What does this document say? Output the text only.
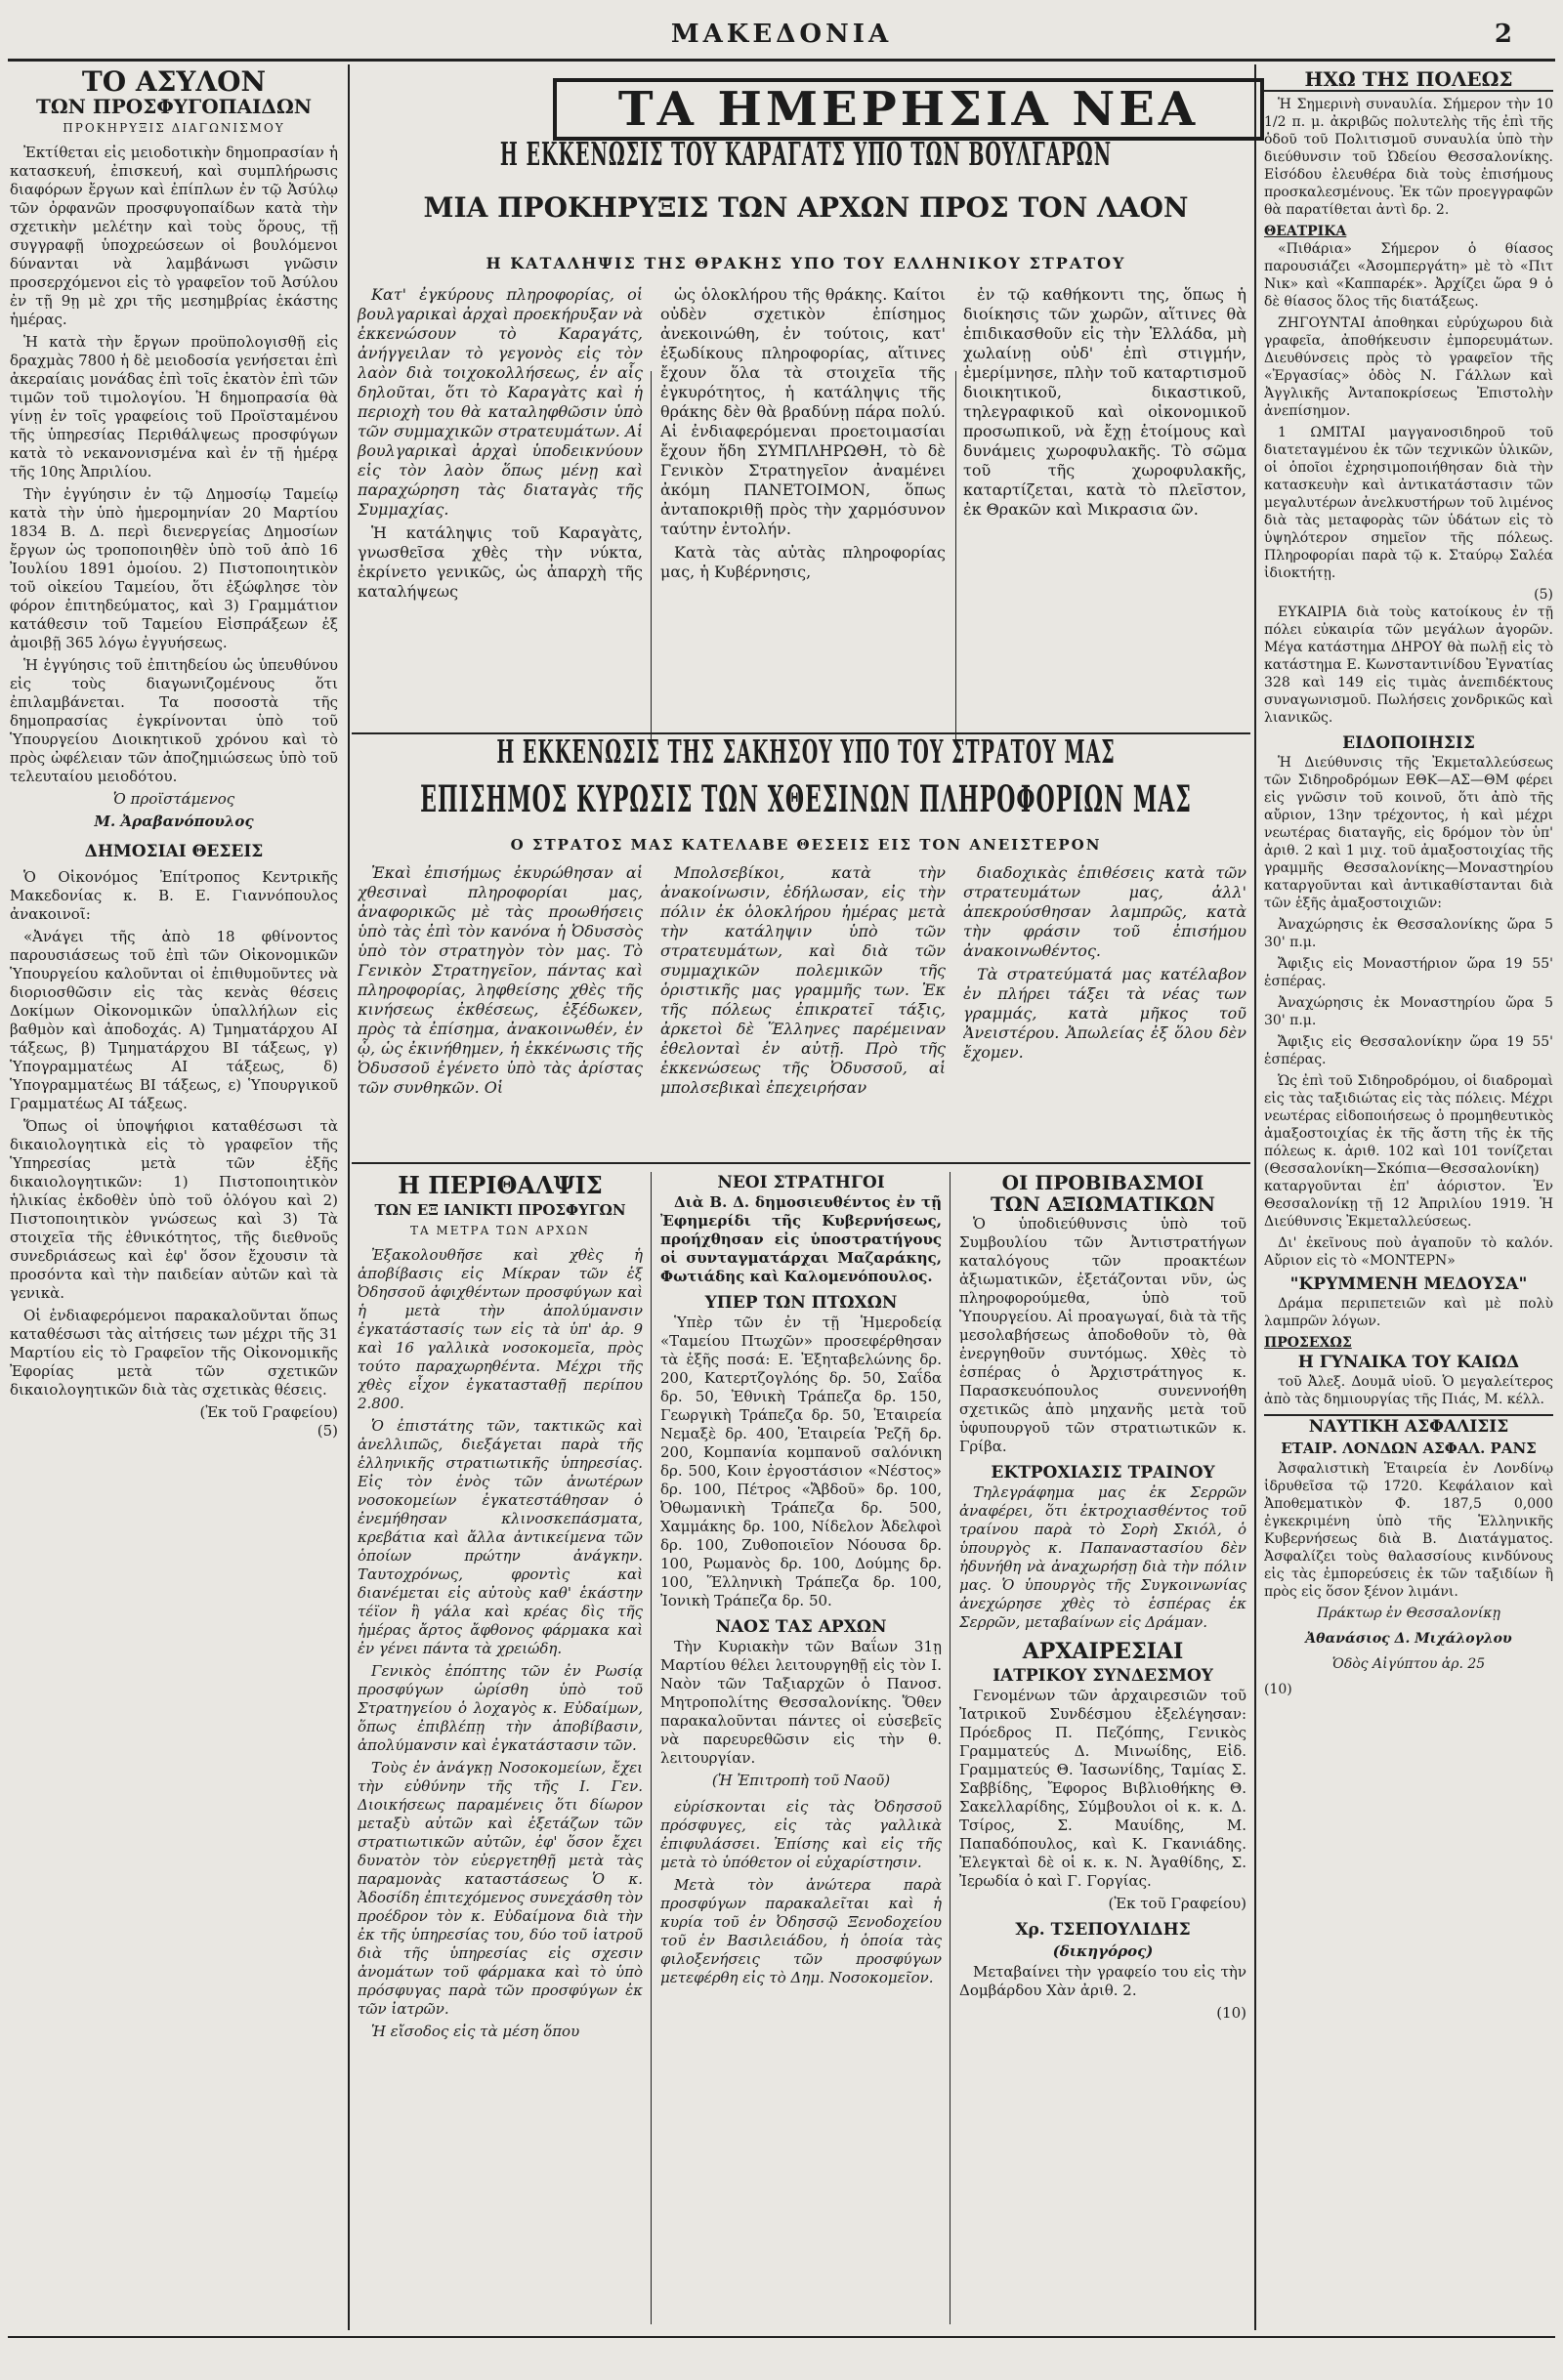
ΜΑΚΕΔΟΝΙΑ	2
ΤΟ ΑΣΥΛΟΝ
ΤΩΝ ΠΡΟΣΦΥΓΟΠΑΙΔΩΝ
ΠΡΟΚΗΡΥΞΙΣ ΔΙΑΓΩΝΙΣΜΟΥ

Ἐκτίθεται εἰς μειοδοτικὴν δημοπρασίαν ἡ κατασκευή, ἐπισκευή, καὶ συμπλήρωσις διαφόρων ἔργων καὶ ἐπίπλων ἐν τῷ Ἀσύλῳ τῶν ὀρφανῶν προσφυγοπαίδων κατὰ τὴν σχετικὴν μελέτην καὶ τοὺς ὅρους, τῇ συγγραφῇ ὑποχρεώσεων οἱ βουλόμενοι δύνανται νὰ λαμβάνωσι γνῶσιν προσερχόμενοι εἰς τὸ γραφεῖον τοῦ Ἀσύλου ἐν τῇ 9ῃ μὲ χρι τῆς μεσημβρίας ἑκάστης ἡμέρας.

Ἡ κατὰ τὴν ἔργων προϋπολογισθῇ εἰς δραχμὰς 7800 ἡ δὲ μειοδοσία γενήσεται ἐπὶ ἀκεραίαις μονάδας ἐπὶ τοῖς ἑκατὸν ἐπὶ τῶν τιμῶν τοῦ τιμολογίου. Ἡ δημοπρασία θὰ γίνῃ ἐν τοῖς γραφείοις τοῦ Προϊσταμένου τῆς ὑπηρεσίας Περιθάλψεως προσφύγων κατὰ τὸ νεκανονισμένα καὶ ἐν τῇ ἡμέρᾳ τῆς 10ης Ἀπριλίου.

Τὴν ἐγγύησιν ἐν τῷ Δημοσίῳ Ταμείῳ κατὰ τὴν ὑπὸ ἡμερομηνίαν 20 Μαρτίου 1834 Β. Δ. περὶ διενεργείας Δημοσίων ἔργων ὡς τροποποιηθὲν ὑπὸ τοῦ ἀπὸ 16 Ἰουλίου 1891 ὁμοίου. 2) Πιστοποιητικὸν τοῦ οἰκείου Ταμείου, ὅτι ἐξώφλησε τὸν φόρον ἐπιτηδεύματος, καὶ 3) Γραμμάτιον κατάθεσιν τοῦ Ταμείου Εἰσπράξεων ἐξ ἀμοιβῇ 365 λόγω ἐγγυήσεως.

Ἡ ἐγγύησις τοῦ ἐπιτηδείου ὡς ὑπευθύνου εἰς τοὺς διαγωνιζομένους ὅτι ἐπιλαμβάνεται. Τα ποσοστὰ τῆς δημοπρασίας ἐγκρίνονται ὑπὸ τοῦ Ὑπουργείου Διοικητικοῦ χρόνου καὶ τὸ πρὸς ὠφέλειαν τῶν ἀποζημιώσεως ὑπὸ τοῦ τελευταίου μειοδότου.

Ὁ προϊστάμενος
Μ. Ἀραβανόπουλος
ΔΗΜΟΣΙΑΙ ΘΕΣΕΙΣ

Ὁ Οἰκονόμος Ἐπίτροπος Κεντρικῆς Μακεδονίας κ. Β. Ε. Γιαννόπουλος ἀνακοινοῖ:

«Ἀνάγει τῆς ἀπὸ 18 φθίνοντος παρουσιάσεως τοῦ ἐπὶ τῶν Οἰκονομικῶν Ὑπουργείου καλοῦνται οἱ ἐπιθυμοῦντες νὰ διοριοσθῶσιν εἰς τὰς κενὰς θέσεις Δοκίμων Οἰκονομικῶν ὑπαλλήλων εἰς βαθμὸν καὶ ἀποδοχάς. Α) Τμηματάρχου ΑΙ τάξεως, β) Τμηματάρχου ΒΙ τάξεως, γ) Ὑπογραμματέως ΑΙ τάξεως, δ) Ὑπογραμματέως ΒΙ τάξεως, ε) Ὑπουργικοῦ Γραμματέως ΑΙ τάξεως.

Ὅπως οἱ ὑποψήφιοι καταθέσωσι τὰ δικαιολογητικὰ εἰς τὸ γραφεῖον τῆς Ὑπηρεσίας μετὰ τῶν ἑξῆς δικαιολογητικῶν: 1) Πιστοποιητικὸν ἡλικίας ἐκδοθὲν ὑπὸ τοῦ ὁλόγου καὶ 2) Πιστοποιητικὸν γνώσεως καὶ 3) Τὰ στοιχεῖα τῆς ἐθνικότητος, τῆς διεθνοῦς συνεδριάσεως καὶ ἐφ' ὅσον ἔχουσιν τὰ προσόντα καὶ τὴν παιδείαν αὐτῶν καὶ τὰ γενικὰ.

Οἱ ἐνδιαφερόμενοι παρακαλοῦνται ὅπως καταθέσωσι τὰς αἰτήσεις των μέχρι τῆς 31 Μαρτίου εἰς τὸ Γραφεῖον τῆς Οἰκονομικῆς Ἐφορίας μετὰ τῶν σχετικῶν δικαιολογητικῶν διὰ τὰς σχετικὰς θέσεις.

(Ἐκ τοῦ Γραφείου)
(5)
ΤΑ ΗΜΕΡΗΣΙΑ ΝΕΑ
Η ΕΚΚΕΝΩΣΙΣ ΤΟΥ ΚΑΡΑΓΑΤΣ ΥΠΟ ΤΩΝ ΒΟΥΛΓΑΡΩΝ
ΜΙΑ ΠΡΟΚΗΡΥΞΙΣ ΤΩΝ ΑΡΧΩΝ ΠΡΟΣ ΤΟΝ ΛΑΟΝ
Η ΚΑΤΑΛΗΨΙΣ ΤΗΣ ΘΡΑΚΗΣ ΥΠΟ ΤΟΥ ΕΛΛΗΝΙΚΟΥ ΣΤΡΑΤΟΥ

Κατ' ἐγκύρους πληροφορίας, οἱ βουλγαρικαὶ ἀρχαὶ προεκήρυξαν νὰ ἐκκενώσουν τὸ Καραγάτς, ἀνήγγειλαν τὸ γεγονὸς εἰς τὸν λαὸν διὰ τοιχοκολλήσεως, ἐν αἷς δηλοῦται, ὅτι τὸ Καραγὰτς καὶ ἡ περιοχὴ του θὰ καταληφθῶσιν ὑπὸ τῶν συμμαχικῶν στρατευμάτων. Αἱ βουλγαρικαὶ ἀρχαὶ ὑποδεικνύουν εἰς τὸν λαὸν ὅπως μένῃ καὶ παραχώρηση τὰς διαταγὰς τῆς Συμμαχίας.

Ἡ κατάληψις τοῦ Καραγὰτς, γνωσθεῖσα χθὲς τὴν νύκτα, ἐκρίνετο γενικῶς, ὡς ἀπαρχὴ τῆς καταλήψεως

ὡς ὁλοκλήρου τῆς θράκης. Καίτοι οὐδὲν σχετικὸν ἐπίσημος ἀνεκοινώθη, ἐν τούτοις, κατ' ἐξωδίκους πληροφορίας, αἵτινες ἔχουν ὅλα τὰ στοιχεῖα τῆς ἐγκυρότητος, ἡ κατάληψις τῆς θράκης δὲν θὰ βραδύνῃ πάρα πολύ. Αἱ ἐνδιαφερόμεναι προετοιμασίαι ἔχουν ἤδη ΣΥΜΠΛΗΡΩΘΗ, τὸ δὲ Γενικὸν Στρατηγεῖον ἀναμένει ἀκόμη ΠΑΝΕΤΟΙΜΟΝ, ὅπως ἀνταποκριθῇ πρὸς τὴν χαρμόσυνον ταύτην ἐντολήν.

Κατὰ τὰς αὐτὰς πληροφορίας μας, ἡ Κυβέρνησις,

ἐν τῷ καθήκοντι της, ὅπως ἡ διοίκησις τῶν χωρῶν, αἵτινες θὰ ἐπιδικασθοῦν εἰς τὴν Ἑλλάδα, μὴ χωλαίνῃ οὐδ' ἐπὶ στιγμήν, ἐμερίμνησε, πλὴν τοῦ καταρτισμοῦ διοικητικοῦ, δικαστικοῦ, τηλεγραφικοῦ καὶ οἰκονομικοῦ προσωπικοῦ, νὰ ἔχῃ ἑτοίμους καὶ δυνάμεις χωροφυλακῆς. Τὸ σῶμα τοῦ τῆς χωροφυλακῆς, καταρτίζεται, κατὰ τὸ πλεῖστον, ἐκ Θρακῶν καὶ Μικρασια ῶν.

Η ΕΚΚΕΝΩΣΙΣ ΤΗΣ ΣΑΚΗΣΟΥ ΥΠΟ ΤΟΥ ΣΤΡΑΤΟΥ ΜΑΣ
ΕΠΙΣΗΜΟΣ ΚΥΡΩΣΙΣ ΤΩΝ ΧΘΕΣΙΝΩΝ ΠΛΗΡΟΦΟΡΙΩΝ ΜΑΣ
Ο ΣΤΡΑΤΟΣ ΜΑΣ ΚΑΤΕΛΑΒΕ ΘΕΣΕΙΣ ΕΙΣ ΤΟΝ ΑΝΕΙΣΤΕΡΟΝ

Ἐκαὶ ἐπισήμως ἐκυρώθησαν αἱ χθεσιναὶ πληροφορίαι μας, ἀναφορικῶς μὲ τὰς προωθήσεις ὑπὸ τὰς ἐπὶ τὸν κανόνα ἡ Ὀδυσσὸς ὑπὸ τὸν στρατηγὸν τὸν μας. Τὸ Γενικὸν Στρατηγεῖον, πάντας καὶ πληροφορίας, ληφθείσης χθὲς τῆς κινήσεως ἐκθέσεως, ἐξέδωκεν, πρὸς τὰ ἐπίσημα, ἀνακοινωθέν, ἐν ᾧ, ὡς ἐκινήθημεν, ἡ ἐκκένωσις τῆς Ὀδυσσοῦ ἐγένετο ὑπὸ τὰς ἀρίστας τῶν συνθηκῶν. Οἱ

Μπολσεβίκοι, κατὰ τὴν ἀνακοίνωσιν, ἐδήλωσαν, εἰς τὴν πόλιν ἐκ ὁλοκλήρου ἡμέρας μετὰ τὴν κατάληψιν ὑπὸ τῶν στρατευμάτων, καὶ διὰ τῶν συμμαχικῶν πολεμικῶν τῆς ὁριστικῆς μας γραμμῆς των. Ἐκ τῆς πόλεως ἐπικρατεῖ τάξις, ἀρκετοὶ δὲ Ἕλληνες παρέμειναν ἐθελονταὶ ἐν αὐτῇ. Πρὸ τῆς ἐκκενώσεως τῆς Ὀδυσσοῦ, αἱ μπολσεβικαὶ ἐπεχειρήσαν

διαδοχικὰς ἐπιθέσεις κατὰ τῶν στρατευμάτων μας, ἀλλ' ἀπεκρούσθησαν λαμπρῶς, κατὰ τὴν φράσιν τοῦ ἐπισήμου ἀνακοινωθέντος.

Τὰ στρατεύματά μας κατέλαβον ἐν πλήρει τάξει τὰ νέας των γραμμάς, κατὰ μῆκος τοῦ Ἀνειστέρου. Ἀπωλείας ἐξ ὅλου δὲν ἔχομεν.

Η ΠΕΡΙΘΑΛΨΙΣ
ΤΩΝ ΕΞ ΙΑΝΙΚΤΙ ΠΡΟΣΦΥΓΩΝ
ΤΑ ΜΕΤΡΑ ΤΩΝ ΑΡΧΩΝ

Ἐξακολουθῆσε καὶ χθὲς ἡ ἀποβίβασις εἰς Μίκραν τῶν ἐξ Ὀδησσοῦ ἀφιχθέντων προσφύγων καὶ ἡ μετὰ τὴν ἀπολύμανσιν ἐγκατάστασίς των εἰς τὰ ὑπ' ἀρ. 9 καὶ 16 γαλλικὰ νοσοκομεῖα, πρὸς τούτο παραχωρηθέντα. Μέχρι τῆς χθὲς εἶχον ἐγκατασταθῇ περίπου 2.800.

Ὁ ἐπιστάτης τῶν, τακτικῶς καὶ ἀνελλιπῶς, διεξάγεται παρὰ τῆς ἑλληνικῆς στρατιωτικῆς ὑπηρεσίας. Εἰς τὸν ἑνὸς τῶν ἀνωτέρων νοσοκομείων ἐγκατεστάθησαν ὁ ἐνεμήθησαν κλινοσκεπάσματα, κρεβάτια καὶ ἄλλα ἀντικείμενα τῶν ὁποίων πρώτην ἀνάγκην. Ταυτοχρόνως, φροντὶς καὶ διανέμεται εἰς αὐτοὺς καθ' ἑκάστην τέϊον ἢ γάλα καὶ κρέας δὶς τῆς ἡμέρας ἄρτος ἄφθονος φάρμακα καὶ ἐν γένει πάντα τὰ χρειώδη.

Γενικὸς ἐπόπτης τῶν ἐν Ρωσίᾳ προσφύγων ὡρίσθη ὑπὸ τοῦ Στρατηγείου ὁ λοχαγὸς κ. Εὐδαίμων, ὅπως ἐπιβλέπῃ τὴν ἀποβίβασιν, ἀπολύμανσιν καὶ ἐγκατάστασιν τῶν.

Τοὺς ἐν ἀνάγκῃ Νοσοκομείων, ἔχει τὴν εὐθύνην τῆς τῆς Ι. Γεν. Διοικήσεως παραμένεις ὅτι δίωρον μεταξὺ αὐτῶν καὶ ἐξετάζων τῶν στρατιωτικῶν αὐτῶν, ἐφ' ὅσον ἔχει δυνατὸν τὸν εὐεργετηθῇ μετὰ τὰς παραμονὰς καταστάσεως Ὁ κ. Ἀδοσίδη ἐπιτεχόμενος συνεχάσθη τὸν προέδρον τὸν κ. Εὐδαίμονα διὰ τὴν ἐκ τῆς ὑπηρεσίας του, δύο τοῦ ἰατροῦ διὰ τῆς ὑπηρεσίας εἰς σχεσιν ἀνομάτων τοῦ φάρμακα καὶ τὸ ὑπὸ πρόσφυγας παρὰ τῶν προσφύγων ἐκ τῶν ἰατρῶν.

Ἡ εἴσοδος εἰς τὰ μέση ὅπου

ΝΕΟΙ ΣΤΡΑΤΗΓΟΙ

Διὰ Β. Δ. δημοσιευθέντος ἐν τῇ Ἐφημερίδι τῆς Κυβερνήσεως, προήχθησαν εἰς ὑποστρατήγους οἱ συνταγματάρχαι Μαζαράκης, Φωτιάδης καὶ Καλομενόπουλος.

ΥΠΕΡ ΤΩΝ ΠΤΩΧΩΝ

Ὑπὲρ τῶν ἐν τῇ Ἡμεροδείᾳ «Ταμείου Πτωχῶν» προσεφέρθησαν τὰ ἑξῆς ποσά: Ε. Ἐξηταβελώνης δρ. 200, Κατερτζογλόης δρ. 50, Σαΐδα δρ. 50, Ἐθνικὴ Τράπεζα δρ. 150, Γεωργικὴ Τράπεζα δρ. 50, Ἑταιρεία Νεμαξὲ δρ. 400, Ἑταιρεία Ῥεζῆ δρ. 200, Κομπανία κομπανοῦ σαλόνικη δρ. 500, Κοιν ἐργοστάσιον «Νέστος» δρ. 100, Πέτρος «Ἄβδοῦ» δρ. 100, Ὀθωμανικὴ Τράπεζα δρ. 500, Χαμμάκης δρ. 100, Νίδελον Ἀδελφοὶ δρ. 100, Ζυθοποιεῖον Νόουσα δρ. 100, Ρωμανὸς δρ. 100, Δούμης δρ. 100, Ἕλληνικὴ Τράπεζα δρ. 100, Ἰονικὴ Τράπεζα δρ. 50.

ΝΑΟΣ ΤΑΣ ΑΡΧΩΝ

Τὴν Κυριακὴν τῶν Βαΐων 31ῃ Μαρτίου θέλει λειτουργηθῇ εἰς τὸν Ι. Ναὸν τῶν Ταξιαρχῶν ὁ Πανοσ. Μητροπολίτης Θεσσαλονίκης. Ὅθεν παρακαλοῦνται πάντες οἱ εὐσεβεῖς νὰ παρευρεθῶσιν εἰς τὴν θ. λειτουργίαν.

(Ἡ Ἐπιτροπὴ τοῦ Ναοῦ)

εὑρίσκονται εἰς τὰς Ὀδησσοῦ πρόσφυγες, εἰς τὰς γαλλικὰ ἐπιφυλάσσει. Ἐπίσης καὶ εἰς τῆς μετὰ τὸ ὑπόθετον οἱ εὐχαρίστησιν.

Μετὰ τὸν ἀνώτερα παρὰ προσφύγων παρακαλεῖται καὶ ἡ κυρία τοῦ ἐν Ὀδησσῷ Ξενοδοχείου τοῦ ἐν Βασιλειάδου, ἡ ὁποία τὰς φιλοξενήσεις τῶν προσφύγων μετεφέρθη εἰς τὸ Δημ. Νοσοκομεῖον.

ΟΙ ΠΡΟΒΙΒΑΣΜΟΙ
ΤΩΝ ΑΞΙΩΜΑΤΙΚΩΝ

Ὁ ὑποδιεύθυνσις ὑπὸ τοῦ Συμβουλίου τῶν Ἀντιστρατήγων καταλόγους τῶν προακτέων ἀξιωματικῶν, ἐξετάζονται νῦν, ὡς πληροφορούμεθα, ὑπὸ τοῦ Ὑπουργείου. Αἱ προαγωγαί, διὰ τὰ τῆς μεσολαβήσεως ἀποδοθοῦν τὸ, θὰ ἐνεργηθοῦν συντόμως. Χθὲς τὸ ἑσπέρας ὁ Ἀρχιστράτηγος κ. Παρασκευόπουλος συνεννοήθη σχετικῶς ἀπὸ μηχανῆς μετὰ τοῦ ὑφυπουργοῦ τῶν στρατιωτικῶν κ. Γρίβα.

ΕΚΤΡΟΧΙΑΣΙΣ ΤΡΑΙΝΟΥ

Τηλεγράφημα μας ἐκ Σερρῶν ἀναφέρει, ὅτι ἐκτροχιασθέντος τοῦ τραίνου παρὰ τὸ Σορὴ Σκιόλ, ὁ ὑπουργὸς κ. Παπαναστασίου δὲν ἠδυνήθη νὰ ἀναχωρήσῃ διὰ τὴν πόλιν μας. Ὁ ὑπουργὸς τῆς Συγκοινωνίας ἀνεχώρησε χθὲς τὸ ἑσπέρας ἐκ Σερρῶν, μεταβαίνων εἰς Δράμαν.

ΑΡΧΑΙΡΕΣΙΑΙ
ΙΑΤΡΙΚΟΥ ΣΥΝΔΕΣΜΟΥ

Γενομένων τῶν ἀρχαιρεσιῶν τοῦ Ἰατρικοῦ Συνδέσμου ἐξελέγησαν: Πρόεδρος Π. Πεζόπης, Γενικὸς Γραμματεύς Δ. Μινωίδης, Εἰδ. Γραμματεύς Θ. Ἰασωνίδης, Ταμίας Σ. Σαββίδης, Ἔφορος Βιβλιοθήκης Θ. Σακελλαρίδης, Σύμβουλοι οἱ κ. κ. Δ. Τσίρος, Σ. Μαυίδης, Μ. Παπαδόπουλος, καὶ Κ. Γκανιάδης. Ἐλεγκταὶ δὲ οἱ κ. κ. Ν. Ἀγαθίδης, Σ. Ἰερωδία ὁ καὶ Γ. Γοργίας.

(Ἐκ τοῦ Γραφείου)
Χρ. ΤΣΕΠΟΥΛΙΔΗΣ
(δικηγόρος)

Μεταβαίνει τὴν γραφείο του εἰς τὴν Δομβάρδου Χὰν ἀριθ. 2.

(10)
ΗΧΩ ΤΗΣ ΠΟΛΕΩΣ

Ἡ Σημερινὴ συναυλία. Σήμερον τὴν 10 1/2 π. μ. ἀκριβῶς πολυτελὴς τῆς ἐπὶ τῆς ὁδοῦ τοῦ Πολιτισμοῦ συναυλία ὑπὸ τὴν διεύθυνσιν τοῦ Ὠδείου Θεσσαλονίκης. Εἰσόδου ἐλευθέρα διὰ τοὺς ἐπισήμους προσκαλεσμένους. Ἐκ τῶν προεγγραφῶν θὰ παρατίθεται ἀντὶ δρ. 2.

ΘΕΑΤΡΙΚΑ

«Πιθάρια» Σήμερον ὁ θίασος παρουσιάζει «Ἀσομπεργάτη» μὲ τὸ «Πιτ Νικ» καὶ «Καππαρέκ». Ἀρχίζει ὥρα 9 ὁ δὲ θίασος ὅλος τῆς διατάξεως.

ΖΗΓΟΥΝΤΑΙ ἀποθηκαι εὐρύχωρου διὰ γραφεῖα, ἀποθήκευσιν ἐμπορευμάτων. Διευθύνσεις πρὸς τὸ γραφεῖον τῆς «Ἐργασίας» ὁδὸς Ν. Γάλλων καὶ Ἀγγλικῆς Ἀνταποκρίσεως Ἐπιστολὴν ἀνεπίσημον.

1 ΩΜΙΤΑΙ μαγγανοσιδηροῦ τοῦ διατεταγμένου ἐκ τῶν τεχνικῶν ὑλικῶν, οἱ ὁποῖοι ἐχρησιμοποιήθησαν διὰ τὴν κατασκευὴν καὶ ἀντικατάστασιν τῶν μεγαλυτέρων ἀνελκυστήρων τοῦ λιμένος διὰ τὰς μεταφορὰς τῶν ὑδάτων εἰς τὸ ὑψηλότερον σημεῖον τῆς πόλεως. Πληροφορίαι παρὰ τῷ κ. Σταύρῳ Σαλέα ἰδιοκτήτῃ.

(5)

ΕΥΚΑΙΡΙΑ διὰ τοὺς κατοίκους ἐν τῇ πόλει εὐκαιρία τῶν μεγάλων ἀγορῶν. Μέγα κατάστημα ΔΗΡΟΥ θὰ πωλῇ εἰς τὸ κατάστημα Ε. Κωνσταντινίδου Ἐγνατίας 328 καὶ 149 εἰς τιμὰς ἀνεπιδέκτους συναγωνισμοῦ. Πωλήσεις χονδρικῶς καὶ λιανικῶς.

ΕΙΔΟΠΟΙΗΣΙΣ

Ἡ Διεύθυνσις τῆς Ἐκμεταλλεύσεως τῶν Σιδηροδρόμων ΕΘΚ—ΑΣ—ΘΜ φέρει εἰς γνῶσιν τοῦ κοινοῦ, ὅτι ἀπὸ τῆς αὔριον, 13ην τρέχοντος, ἡ καὶ μέχρι νεωτέρας διαταγῆς, εἰς δρόμον τὸν ὑπ' ἀριθ. 2 καὶ 1 μιχ. τοῦ ἀμαξοστοιχίας τῆς γραμμῆς Θεσσαλονίκης—Μοναστηρίου καταργοῦνται καὶ ἀντικαθίστανται διὰ τῶν ἑξῆς ἀμαξοστοιχιῶν:

Ἀναχώρησις ἐκ Θεσσαλονίκης ὥρα 5 30' π.μ.

Ἄφιξις εἰς Μοναστήριον ὥρα 19 55' ἑσπέρας.

Ἀναχώρησις ἐκ Μοναστηρίου ὥρα 5 30' π.μ.

Ἄφιξις εἰς Θεσσαλονίκην ὥρα 19 55' ἑσπέρας.

Ὡς ἐπὶ τοῦ Σιδηροδρόμου, οἱ διαδρομαὶ εἰς τὰς ταξιδιώτας εἰς τὰς πόλεις. Μέχρι νεωτέρας εἰδοποιήσεως ὁ προμηθευτικὸς ἀμαξοστοιχίας ἐκ τῆς ἄστη τῆς ἐκ τῆς πόλεως κ. ἀριθ. 102 καὶ 101 τονίζεται (Θεσσαλονίκη—Σκόπια—Θεσσαλονίκη) καταργοῦνται ἐπ' ἀόριστον. Ἐν Θεσσαλονίκῃ τῇ 12 Ἀπριλίου 1919. Ἡ Διεύθυνσις Ἐκμεταλλεύσεως.

Δι' ἐκεῖνους ποὺ ἀγαποῦν τὸ καλόν. Αὔριον εἰς τὸ «ΜΟΝΤΕΡΝ»

"ΚΡΥΜΜΕΝΗ ΜΕΔΟΥΣΑ"

Δράμα περιπετειῶν καὶ μὲ πολὺ λαμπρῶν λόγων.

ΠΡΟΣΕΧΩΣ
Η ΓΥΝΑΙΚΑ ΤΟΥ ΚΑΙΩΔ

τοῦ Ἀλεξ. Δουμᾶ υἱοῦ. Ὁ μεγαλείτερος ἀπὸ τὰς δημιουργίας τῆς Πιάς, Μ. κέλλ.

ΝΑΥΤΙΚΗ ΑΣΦΑΛΙΣΙΣ
ΕΤΑΙΡ. ΛΟΝΔΩΝ ΑΣΦΑΛ. ΡΑΝΣ

Ἀσφαλιστικὴ Ἑταιρεία ἐν Λονδίνῳ ἱδρυθεῖσα τῷ 1720. Κεφάλαιον καὶ Ἀποθεματικὸν Φ. 187,5 0,000 ἐγκεκριμένη ὑπὸ τῆς Ἑλληνικῆς Κυβερνήσεως διὰ Β. Διατάγματος. Ἀσφαλίζει τοὺς θαλασσίους κινδύνους εἰς τὰς ἐμπορεύσεις ἐκ τῶν ταξιδίων ἢ πρὸς εἰς ὅσον ξένον λιμάνι.

Πράκτωρ ἐν Θεσσαλονίκῃ
Ἀθανάσιος Δ. Μιχάλογλου
Ὁδὸς Αἰγύπτου ἀρ. 25
(10)
